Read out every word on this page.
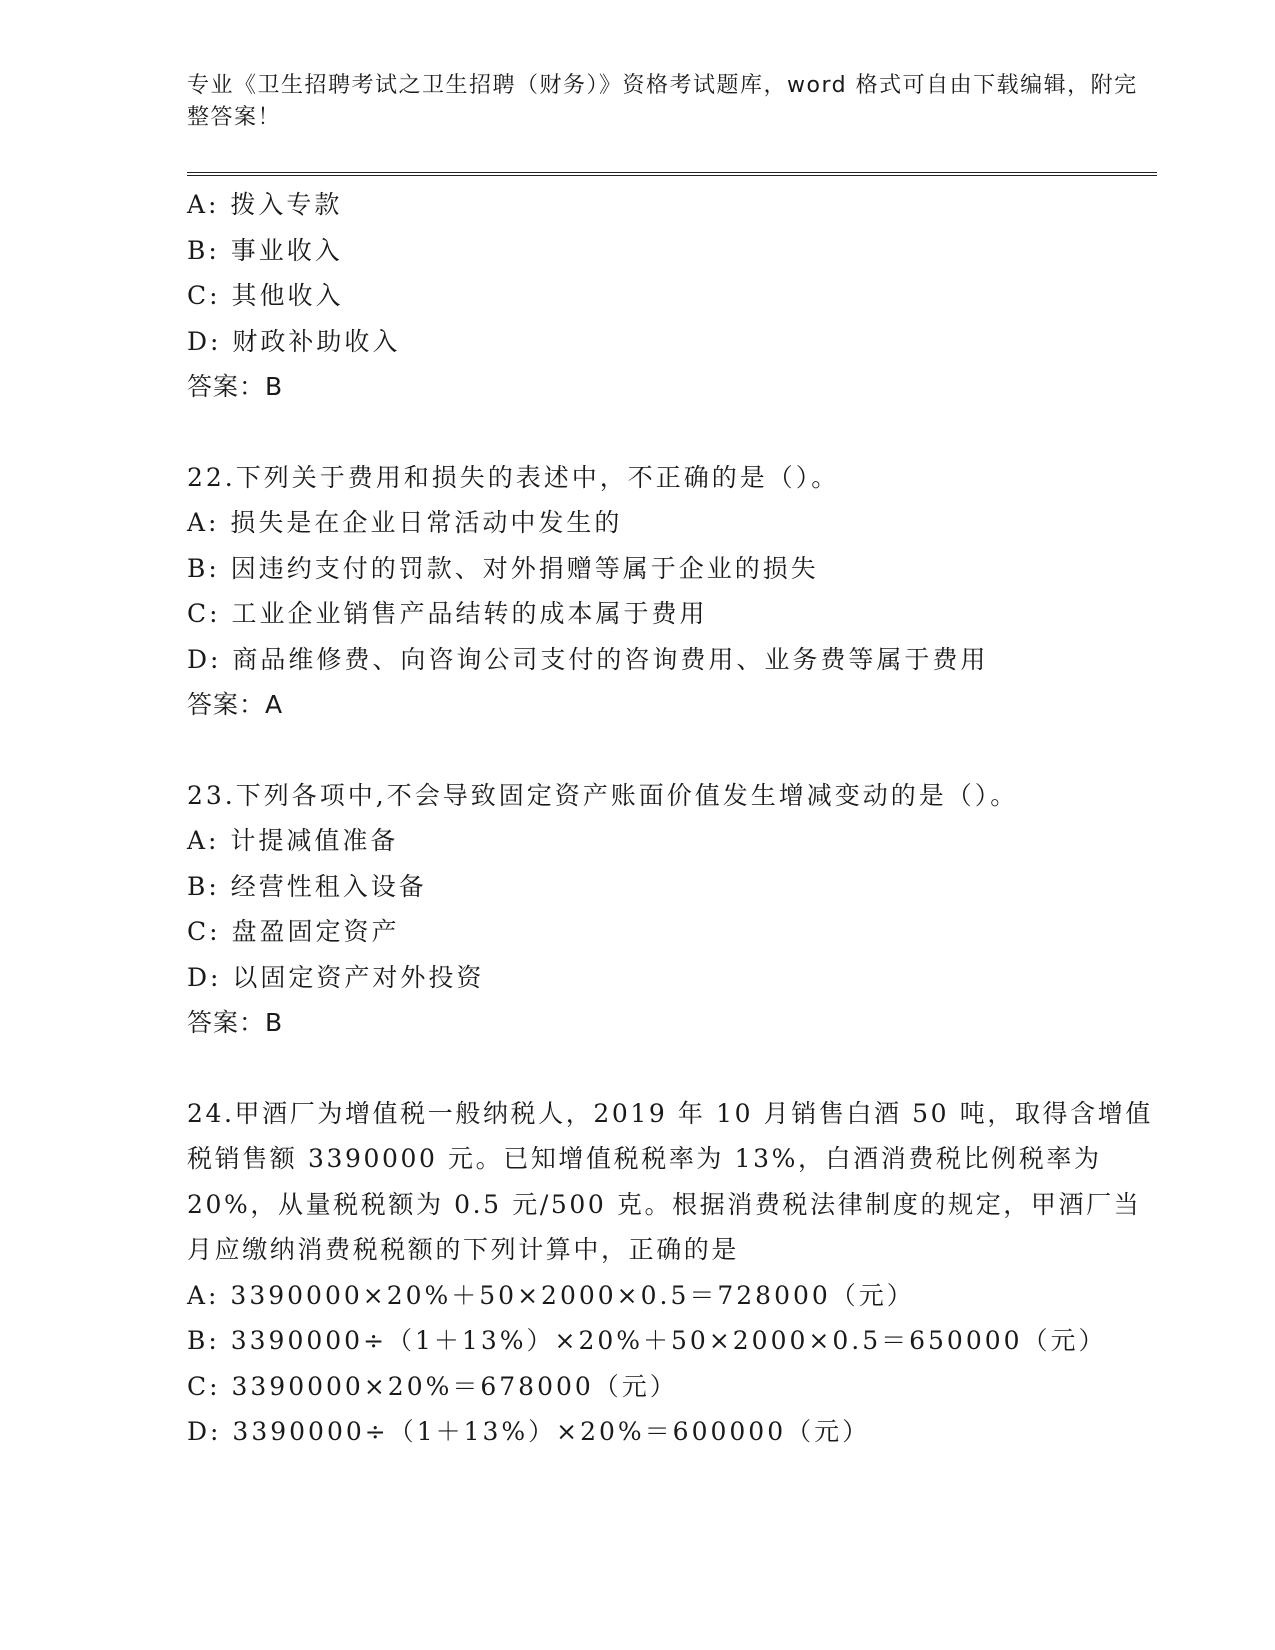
专业《卫生招聘考试之卫生招聘（财务）》资格考试题库，word 格式可自由下载编辑，附完整答案！
A: 拨入专款
B: 事业收入
C: 其他收入
D: 财政补助收入
答案：B
22.下列关于费用和损失的表述中，不正确的是（）。
A: 损失是在企业日常活动中发生的
B: 因违约支付的罚款、对外捐赠等属于企业的损失
C: 工业企业销售产品结转的成本属于费用
D: 商品维修费、向咨询公司支付的咨询费用、业务费等属于费用
答案：A
23.下列各项中,不会导致固定资产账面价值发生增减变动的是（）。
A: 计提减值准备
B: 经营性租入设备
C: 盘盈固定资产
D: 以固定资产对外投资
答案：B
24.甲酒厂为增值税一般纳税人，2019 年 10 月销售白酒 50 吨，取得含增值税销售额 3390000 元。已知增值税税率为 13%，白酒消费税比例税率为 20%，从量税税额为 0.5 元/500 克。根据消费税法律制度的规定，甲酒厂当月应缴纳消费税税额的下列计算中，正确的是
A: 3390000×20%＋50×2000×0.5＝728000（元）
B: 3390000÷（1＋13%）×20%＋50×2000×0.5＝650000（元）
C: 3390000×20%＝678000（元）
D: 3390000÷（1＋13%）×20%＝600000（元）
